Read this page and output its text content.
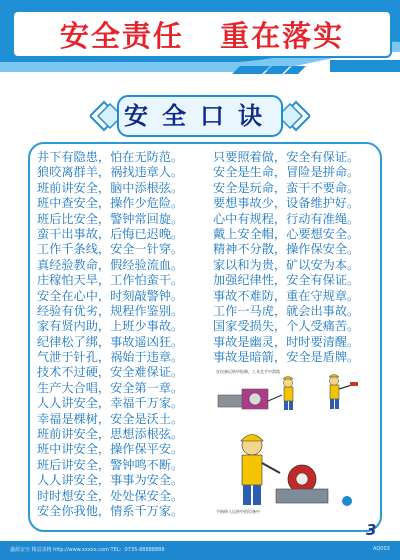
安全责任   重在落实
安全口诀
井下有隐患，怕在无防范。
狼咬离群羊，祸找违章人。
班前讲安全，脑中添根弦。
班中查安全，操作少危险。
班后比安全，警钟常回旋。
蛮干出事故，后悔已迟晚。
工作千条线，安全一针穿。
真经验教命，假经验流血。
庄稼怕天旱，工作怕蛮干。
安全在心中，时刻敲警钟。
经验有优劣，规程作鉴别。
家有贤内助，上班少事故。
纪律松了绑，事故遥凶狂。
气泄于针孔，祸始于违章。
技术不过硬，安全难保证。
生产大合唱，安全第一章。
人人讲安全，幸福千万家。
幸福是棵树，安全是沃土。
班前讲安全，思想添根弦。
班中讲安全，操作保平安。
班后讲安全，警钟鸣不断。
人人讲安全，事事为安全。
时时想安全，处处保安全。
安全你我他，情系千万家。
只要照着做，安全有保证。
安全是生命，冒险是拼命。
安全是玩命，蛮干不要命。
要想事故少，设备维护好。
心中有规程，行动有准绳。
戴上安全帽，心要想安全。
精神不分散，操作保安全。
家以和为贵，矿以安为本。
加强纪律性，安全有保证。
事故不难防，重在守规章。
工作一马虎，就会出事故。
国家受损失，个人受痛苦。
事故是幽灵，时时要清醒。
事故是暗箭，安全是盾牌。
在设备运转中检修，工具在手中滑落
手指伸入运转中的设备中
3
鑫源安全 精益求精 http://www.xxxxx.com TEL：0735-88888888	AQ003
